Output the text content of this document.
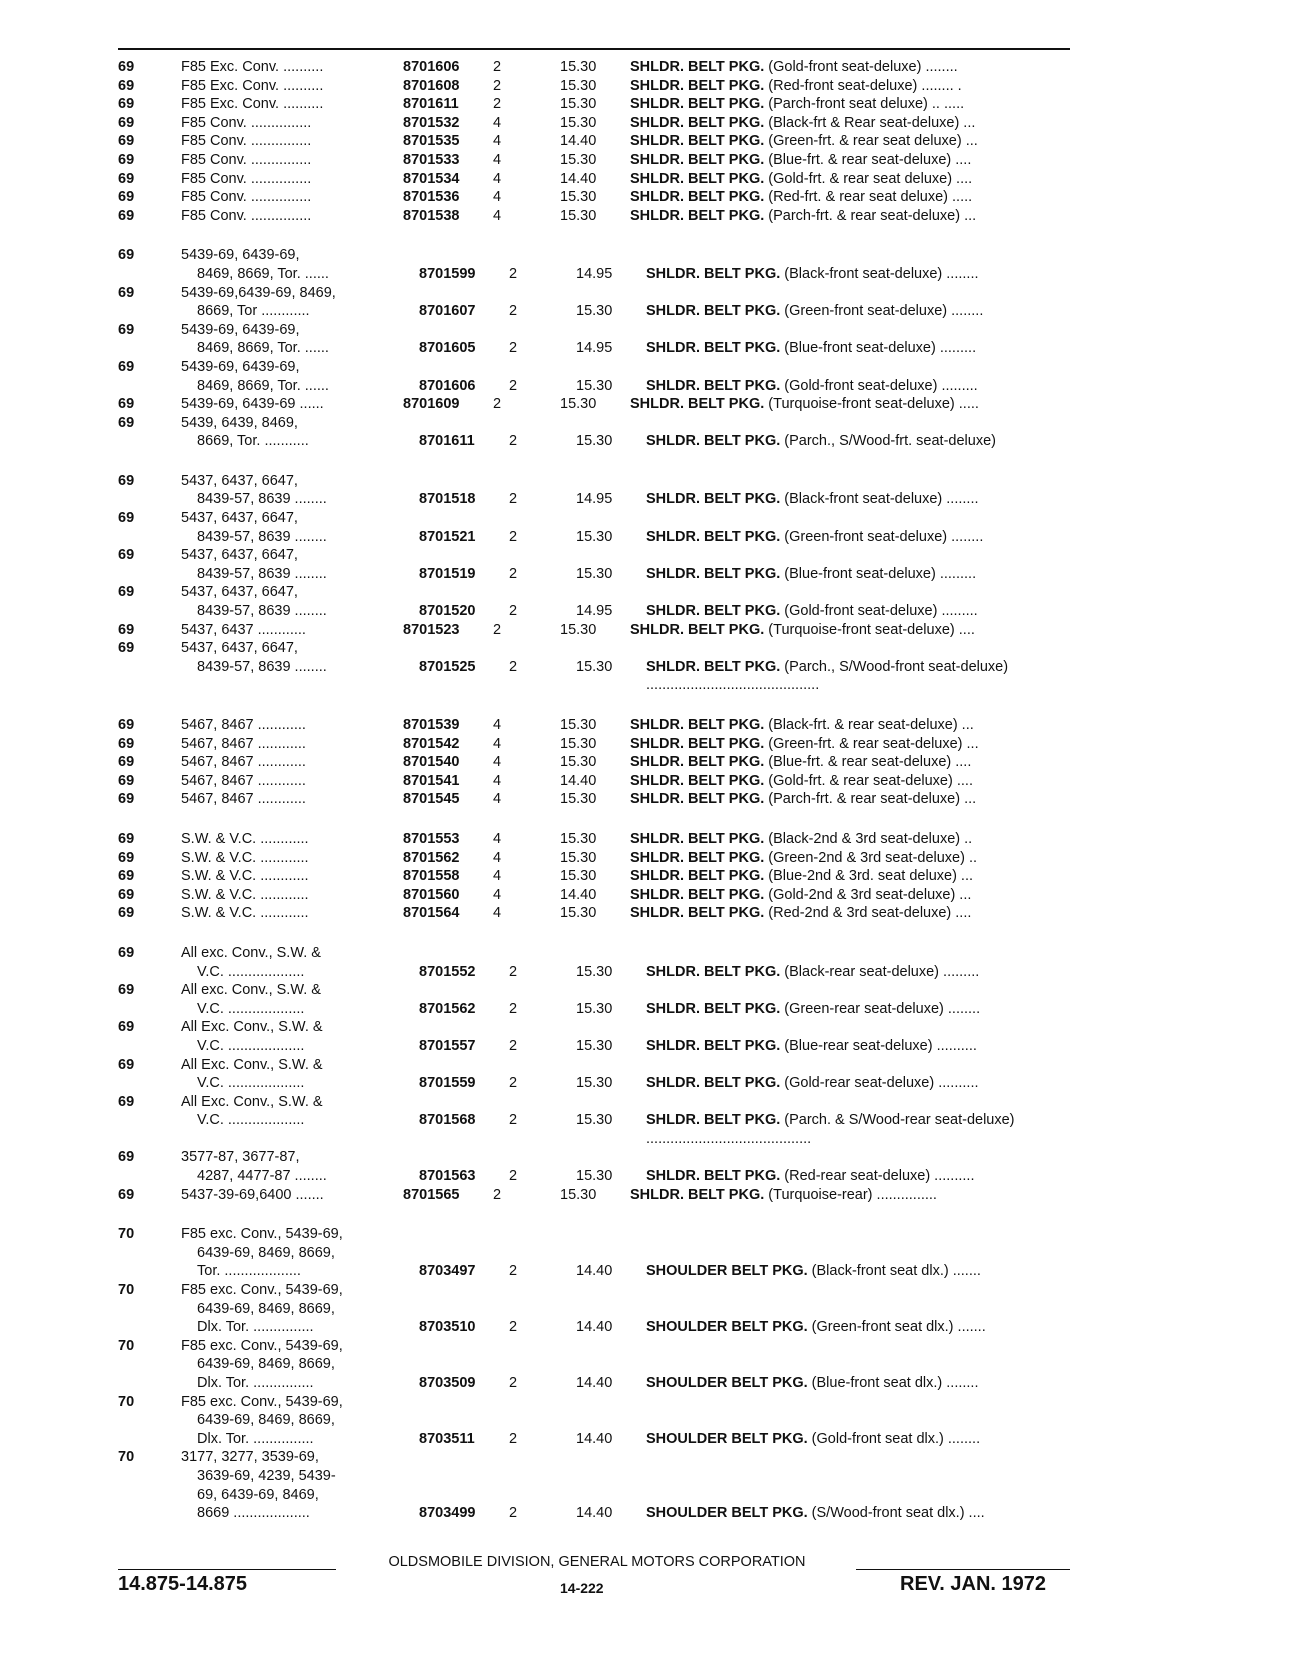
69	F85 Exc. Conv. ..........	8701606	2	15.30	SHLDR. BELT PKG. (Gold-front seat-deluxe) ........
69	F85 Exc. Conv. ..........	8701608	2	15.30	SHLDR. BELT PKG. (Red-front seat-deluxe) ........ .
69	F85 Exc. Conv. ..........	8701611	2	15.30	SHLDR. BELT PKG. (Parch-front seat deluxe) .. .....
69	F85 Conv. ...............	8701532	4	15.30	SHLDR. BELT PKG. (Black-frt & Rear seat-deluxe) ...
69	F85 Conv. ...............	8701535	4	14.40	SHLDR. BELT PKG. (Green-frt. & rear seat deluxe) ...
69	F85 Conv. ...............	8701533	4	15.30	SHLDR. BELT PKG. (Blue-frt. & rear seat-deluxe) ....
69	F85 Conv. ...............	8701534	4	14.40	SHLDR. BELT PKG. (Gold-frt. & rear seat deluxe) ....
69	F85 Conv. ...............	8701536	4	15.30	SHLDR. BELT PKG. (Red-frt. & rear seat deluxe) .....
69	F85 Conv. ...............	8701538	4	15.30	SHLDR. BELT PKG. (Parch-frt. & rear seat-deluxe) ...
69	5439-69, 6439-69,
8469, 8669, Tor. ......	8701599	2	14.95	SHLDR. BELT PKG. (Black-front seat-deluxe) ........
69	5439-69,6439-69, 8469,
8669, Tor ............	8701607	2	15.30	SHLDR. BELT PKG. (Green-front seat-deluxe) ........
69	5439-69, 6439-69,
8469, 8669, Tor. ......	8701605	2	14.95	SHLDR. BELT PKG. (Blue-front seat-deluxe) .........
69	5439-69, 6439-69,
8469, 8669, Tor. ......	8701606	2	15.30	SHLDR. BELT PKG. (Gold-front seat-deluxe) .........
69	5439-69, 6439-69 ......	8701609	2	15.30	SHLDR. BELT PKG. (Turquoise-front seat-deluxe) .....
69	5439, 6439, 8469,
8669, Tor. ...........	8701611	2	15.30	SHLDR. BELT PKG. (Parch., S/Wood-frt. seat-deluxe)
69	5437, 6437, 6647,
8439-57, 8639 ........	8701518	2	14.95	SHLDR. BELT PKG. (Black-front seat-deluxe) ........
69	5437, 6437, 6647,
8439-57, 8639 ........	8701521	2	15.30	SHLDR. BELT PKG. (Green-front seat-deluxe) ........
69	5437, 6437, 6647,
8439-57, 8639 ........	8701519	2	15.30	SHLDR. BELT PKG. (Blue-front seat-deluxe) .........
69	5437, 6437, 6647,
8439-57, 8639 ........	8701520	2	14.95	SHLDR. BELT PKG. (Gold-front seat-deluxe) .........
69	5437, 6437 ............	8701523	2	15.30	SHLDR. BELT PKG. (Turquoise-front seat-deluxe) ....
69	5437, 6437, 6647,
8439-57, 8639 ........	8701525	2	15.30	SHLDR. BELT PKG. (Parch., S/Wood-front seat-deluxe) ...........................................
69	5467, 8467 ............	8701539	4	15.30	SHLDR. BELT PKG. (Black-frt. & rear seat-deluxe) ...
69	5467, 8467 ............	8701542	4	15.30	SHLDR. BELT PKG. (Green-frt. & rear seat-deluxe) ...
69	5467, 8467 ............	8701540	4	15.30	SHLDR. BELT PKG. (Blue-frt. & rear seat-deluxe) ....
69	5467, 8467 ............	8701541	4	14.40	SHLDR. BELT PKG. (Gold-frt. & rear seat-deluxe) ....
69	5467, 8467 ............	8701545	4	15.30	SHLDR. BELT PKG. (Parch-frt. & rear seat-deluxe) ...
69	S.W. & V.C. ............	8701553	4	15.30	SHLDR. BELT PKG. (Black-2nd & 3rd seat-deluxe) ..
69	S.W. & V.C. ............	8701562	4	15.30	SHLDR. BELT PKG. (Green-2nd & 3rd seat-deluxe) ..
69	S.W. & V.C. ............	8701558	4	15.30	SHLDR. BELT PKG. (Blue-2nd & 3rd. seat deluxe) ...
69	S.W. & V.C. ............	8701560	4	14.40	SHLDR. BELT PKG. (Gold-2nd & 3rd seat-deluxe) ...
69	S.W. & V.C. ............	8701564	4	15.30	SHLDR. BELT PKG. (Red-2nd & 3rd seat-deluxe) ....
69	All exc. Conv., S.W. &
V.C. ...................	8701552	2	15.30	SHLDR. BELT PKG. (Black-rear seat-deluxe) .........
69	All exc. Conv., S.W. &
V.C. ...................	8701562	2	15.30	SHLDR. BELT PKG. (Green-rear seat-deluxe) ........
69	All Exc. Conv., S.W. &
V.C. ...................	8701557	2	15.30	SHLDR. BELT PKG. (Blue-rear seat-deluxe) ..........
69	All Exc. Conv., S.W. &
V.C. ...................	8701559	2	15.30	SHLDR. BELT PKG. (Gold-rear seat-deluxe) ..........
69	All Exc. Conv., S.W. &
V.C. ...................	8701568	2	15.30	SHLDR. BELT PKG. (Parch. & S/Wood-rear seat-deluxe) .........................................
69	3577-87, 3677-87,
4287, 4477-87 ........	8701563	2	15.30	SHLDR. BELT PKG. (Red-rear seat-deluxe) ..........
69	5437-39-69,6400 .......	8701565	2	15.30	SHLDR. BELT PKG. (Turquoise-rear) ...............
70	F85 exc. Conv., 5439-69,
6439-69, 8469, 8669,
Tor. ...................	8703497	2	14.40	SHOULDER BELT PKG. (Black-front seat dlx.) .......
70	F85 exc. Conv., 5439-69,
6439-69, 8469, 8669,
Dlx. Tor. ...............	8703510	2	14.40	SHOULDER BELT PKG. (Green-front seat dlx.) .......
70	F85 exc. Conv., 5439-69,
6439-69, 8469, 8669,
Dlx. Tor. ...............	8703509	2	14.40	SHOULDER BELT PKG. (Blue-front seat dlx.) ........
70	F85 exc. Conv., 5439-69,
6439-69, 8469, 8669,
Dlx. Tor. ...............	8703511	2	14.40	SHOULDER BELT PKG. (Gold-front seat dlx.) ........
70	3177, 3277, 3539-69,
3639-69, 4239, 5439-
69, 6439-69, 8469,
8669 ...................	8703499	2	14.40	SHOULDER BELT PKG. (S/Wood-front seat dlx.) ....
OLDSMOBILE DIVISION, GENERAL MOTORS CORPORATION
14.875-14.875	14-222	REV. JAN. 1972
